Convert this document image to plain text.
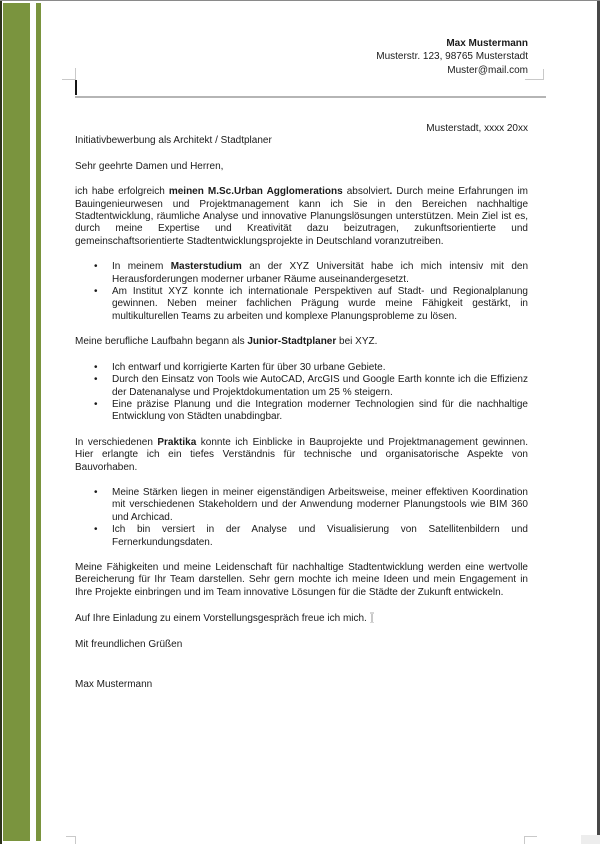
Max Mustermann
Musterstr. 123, 98765 Musterstadt
Muster@mail.com
Musterstadt, xxxx 20xx
Initiativbewerbung als Architekt / Stadtplaner

Sehr geehrte Damen und Herren,

ich habe erfolgreich meinen M.Sc.Urban Agglomerations absolviert. Durch meine Erfahrungen im Bauingenieurwesen und Projektmanagement kann ich Sie in den Bereichen nachhaltige Stadtentwicklung, räumliche Analyse und innovative Planungslösungen unterstützen. Mein Ziel ist es, durch meine Expertise und Kreativität dazu beizutragen, zukunftsorientierte und gemeinschaftsorientierte Stadtentwicklungsprojekte in Deutschland voranzutreiben.

• In meinem Masterstudium an der XYZ Universität habe ich mich intensiv mit den Herausforderungen moderner urbaner Räume auseinandergesetzt.
• Am Institut XYZ konnte ich internationale Perspektiven auf Stadt- und Regionalplanung gewinnen. Neben meiner fachlichen Prägung wurde meine Fähigkeit gestärkt, in multikulturellen Teams zu arbeiten und komplexe Planungsprobleme zu lösen.

Meine berufliche Laufbahn begann als Junior-Stadtplaner bei XYZ.

• Ich entwarf und korrigierte Karten für über 30 urbane Gebiete.
• Durch den Einsatz von Tools wie AutoCAD, ArcGIS und Google Earth konnte ich die Effizienz der Datenanalyse und Projektdokumentation um 25 % steigern.
• Eine präzise Planung und die Integration moderner Technologien sind für die nachhaltige Entwicklung von Städten unabdingbar.

In verschiedenen Praktika konnte ich Einblicke in Bauprojekte und Projektmanagement gewinnen. Hier erlangte ich ein tiefes Verständnis für technische und organisatorische Aspekte von Bauvorhaben.

• Meine Stärken liegen in meiner eigenständigen Arbeitsweise, meiner effektiven Koordination mit verschiedenen Stakeholdern und der Anwendung moderner Planungstools wie BIM 360 und Archicad.
• Ich bin versiert in der Analyse und Visualisierung von Satellitenbildern und Fernerkundungsdaten.

Meine Fähigkeiten und meine Leidenschaft für nachhaltige Stadtentwicklung werden eine wertvolle Bereicherung für Ihr Team darstellen. Sehr gern mochte ich meine Ideen und mein Engagement in Ihre Projekte einbringen und im Team innovative Lösungen für die Städte der Zukunft entwickeln.

Auf Ihre Einladung zu einem Vorstellungsgespräch freue ich mich.

Mit freundlichen Grüßen

Max Mustermann
